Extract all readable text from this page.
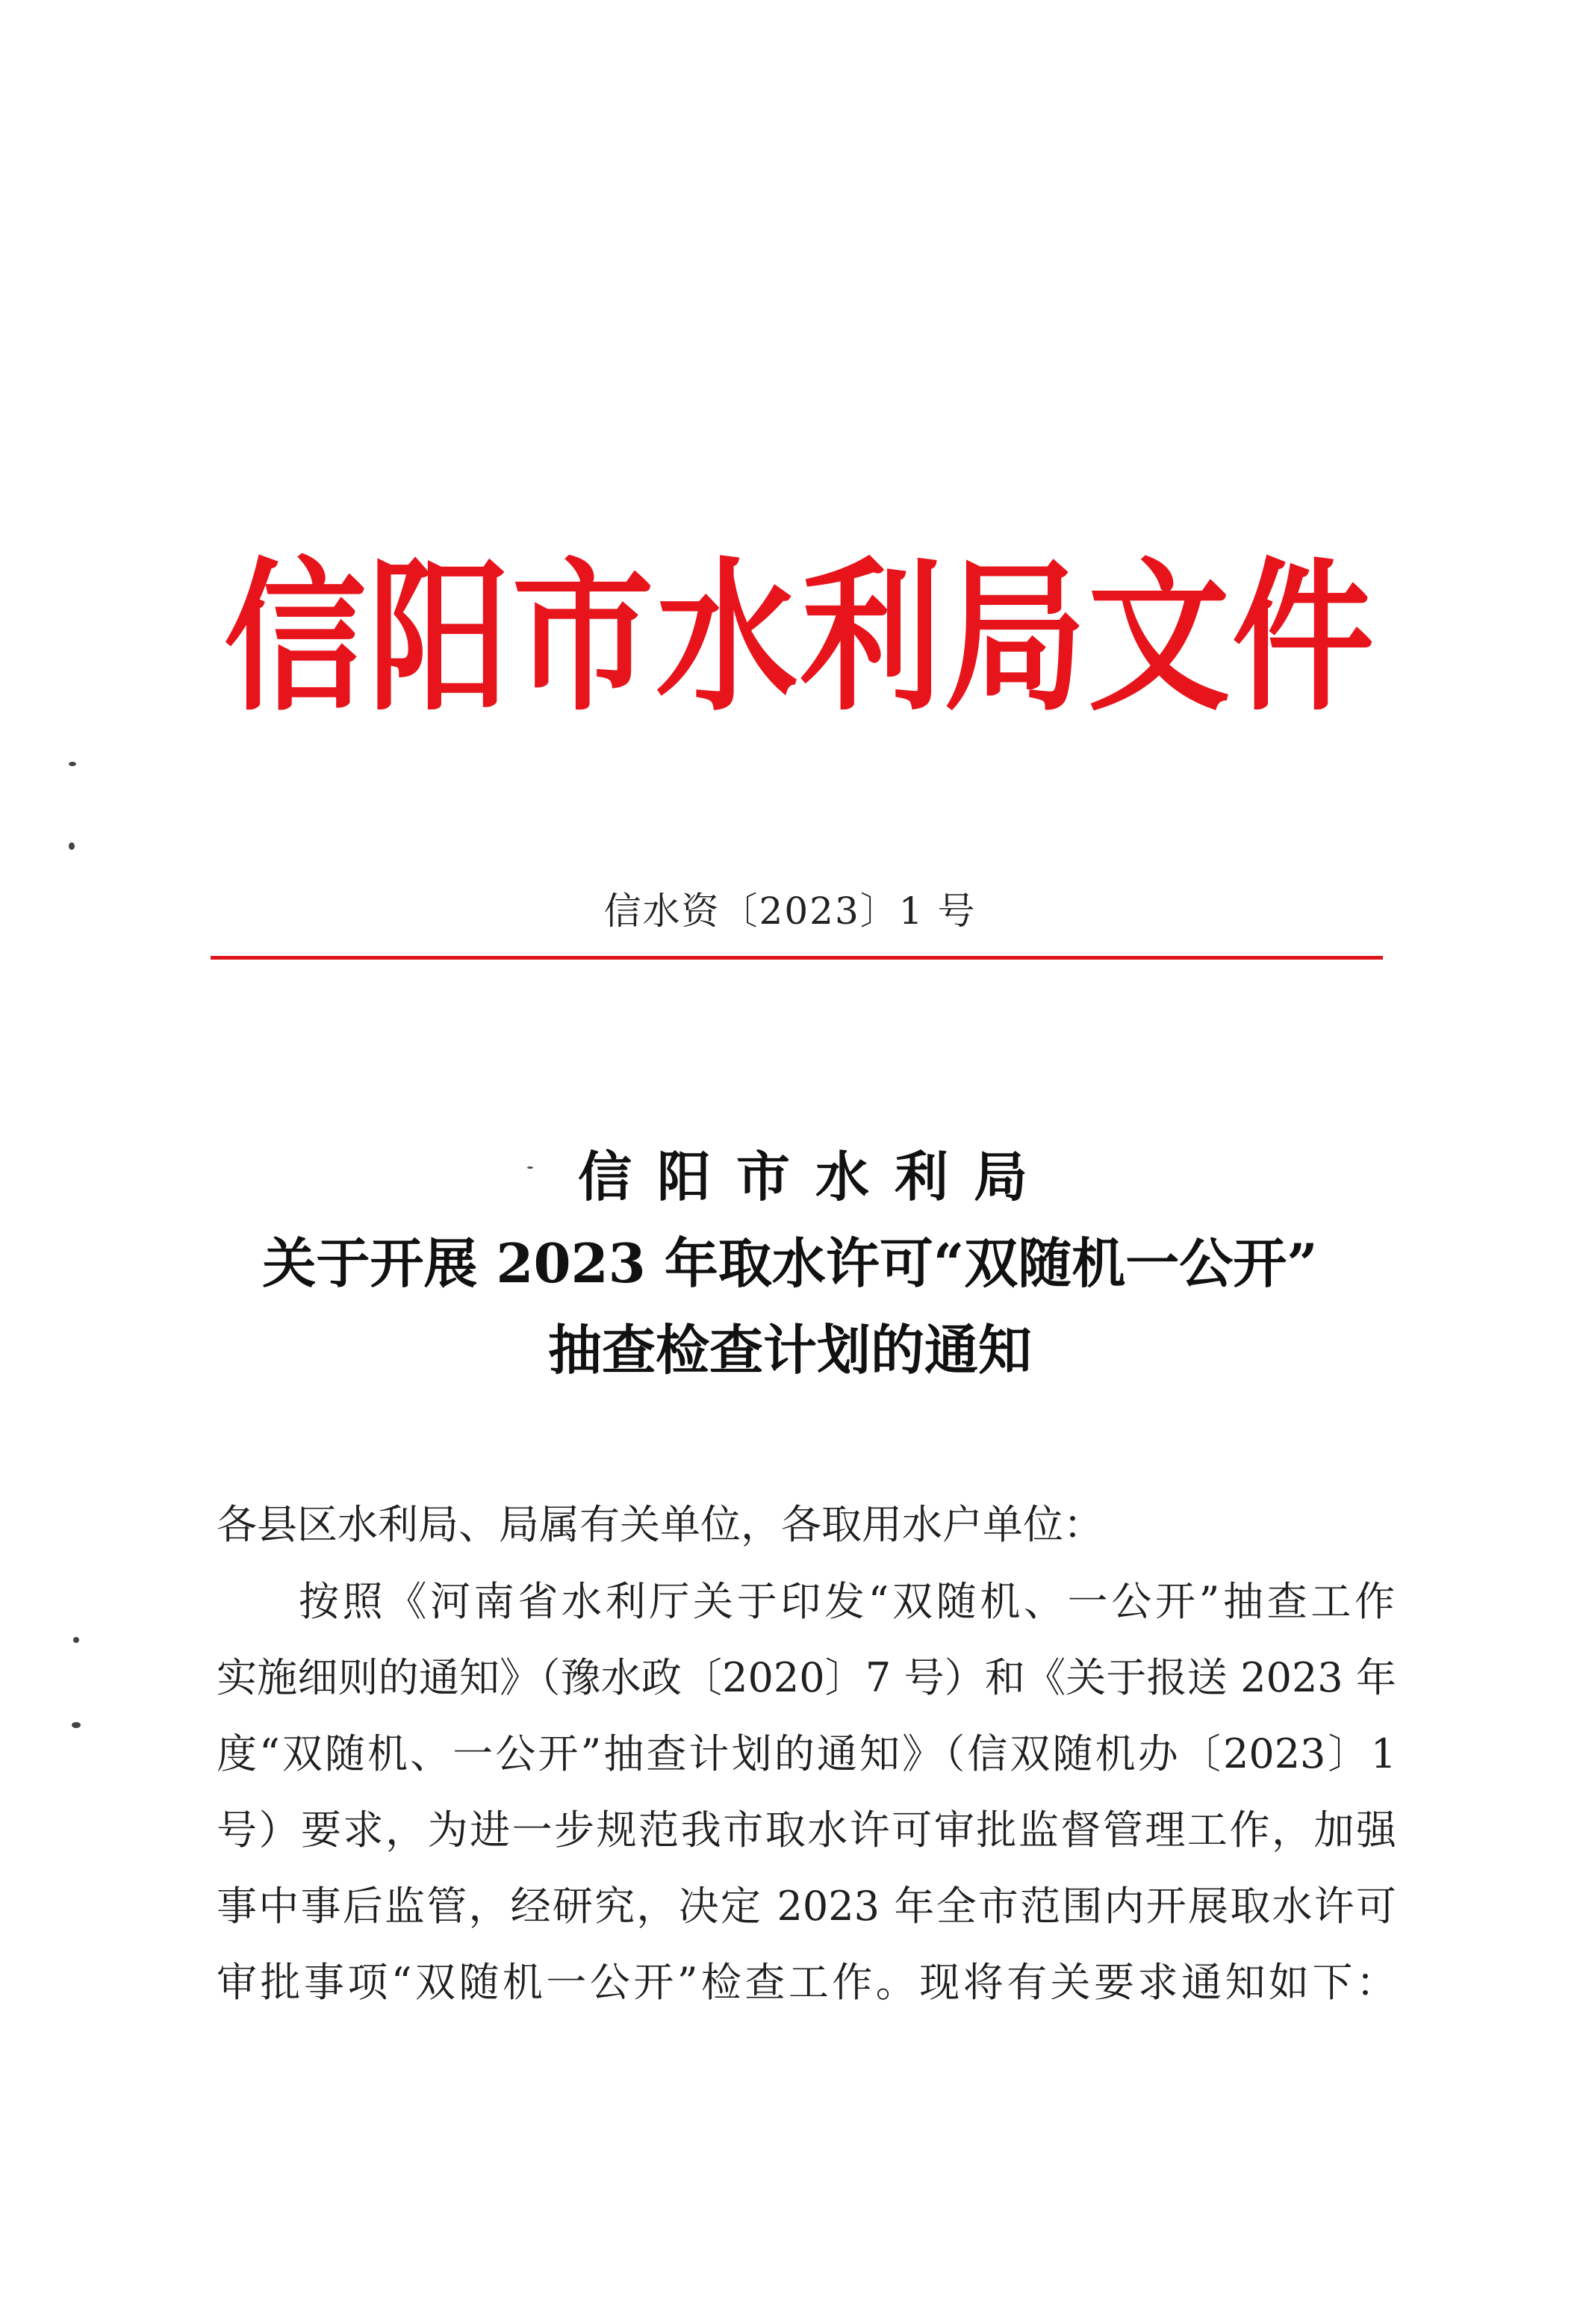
信 阳 市 水 利 局 文 件
信水资〔2023〕1 号
信阳市水利局
关于开展 2023 年取水许可“双随机一公开”
抽查检查计划的通知
各县区水利局、局属有关单位，各取用水户单位：
按照《河南省水利厅关于印发“双随机、一公开”抽查工作
实施细则的通知》（豫水政〔2020〕7 号）和《关于报送 2023 年
度“双随机、一公开”抽查计划的通知》（信双随机办〔2023〕1
号）要求，为进一步规范我市取水许可审批监督管理工作，加强
事中事后监管，经研究，决定 2023 年全市范围内开展取水许可
审批事项“双随机一公开”检查工作。现将有关要求通知如下：
